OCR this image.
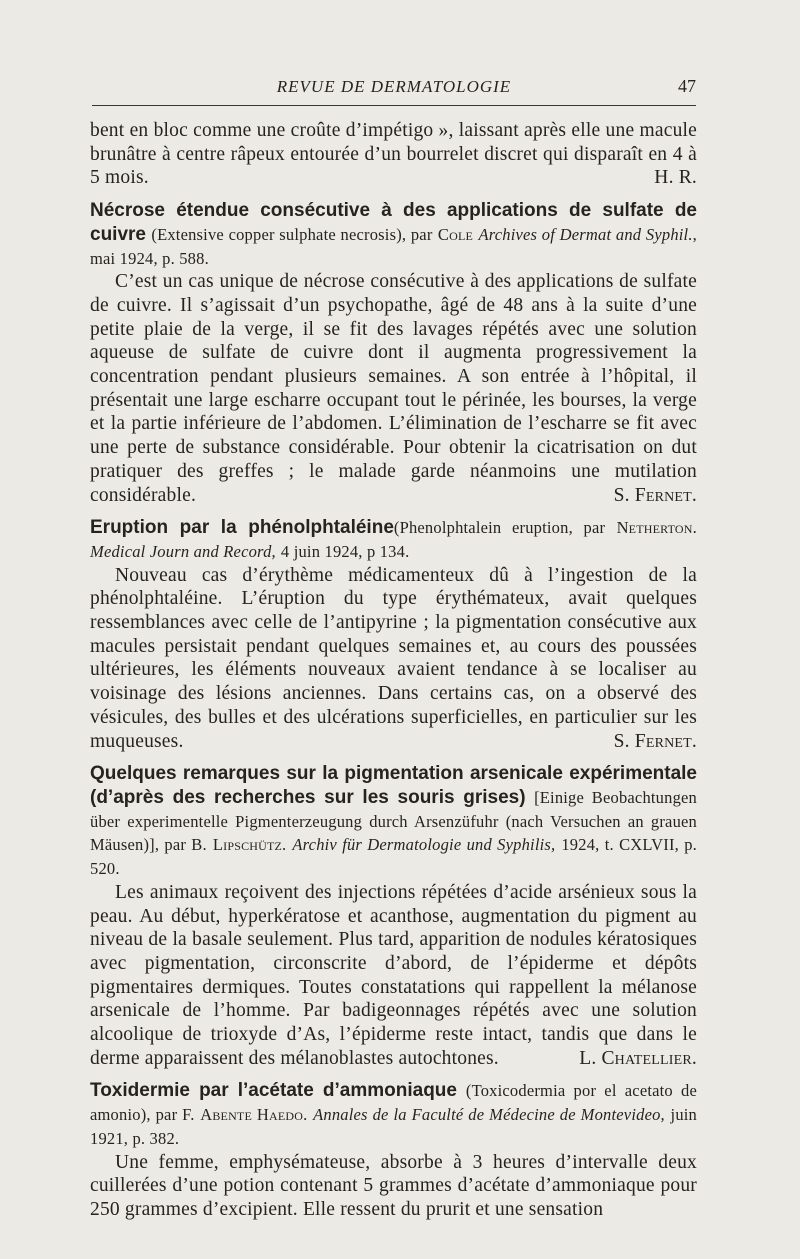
REVUE DE DERMATOLOGIE	47

bent en bloc comme une croûte d’impétigo », laissant après elle une macule brunâtre à centre râpeux entourée d’un bourrelet discret qui disparaît en 4 à 5 mois.	H. R.

Nécrose étendue consécutive à des applications de sulfate de cuivre (Extensive copper sulphate necrosis), par Cole Archives of Dermat and Syphil., mai 1924, p. 588.

C’est un cas unique de nécrose consécutive à des applications de sulfate de cuivre. Il s’agissait d’un psychopathe, âgé de 48 ans à la suite d’une petite plaie de la verge, il se fit des lavages répétés avec une solution aqueuse de sulfate de cuivre dont il augmenta progressivement la concentration pendant plusieurs semaines. A son entrée à l’hôpital, il présentait une large escharre occupant tout le périnée, les bourses, la verge et la partie inférieure de l’abdomen. L’élimination de l’escharre se fit avec une perte de substance considérable. Pour obtenir la cicatrisation on dut pratiquer des greffes ; le malade garde néanmoins une mutilation considérable.	S. Fernet.

Eruption par la phénolphtaléine(Phenolphtalein eruption, par Netherton. Medical Journ and Record, 4 juin 1924, p 134.

Nouveau cas d’érythème médicamenteux dû à l’ingestion de la phénolphtaléine. L’éruption du type érythémateux, avait quelques ressemblances avec celle de l’antipyrine ; la pigmentation consécutive aux macules persistait pendant quelques semaines et, au cours des poussées ultérieures, les éléments nouveaux avaient tendance à se localiser au voisinage des lésions anciennes. Dans certains cas, on a observé des vésicules, des bulles et des ulcérations superficielles, en particulier sur les muqueuses.	S. Fernet.

Quelques remarques sur la pigmentation arsenicale expérimentale (d’après des recherches sur les souris grises) [Einige Beobachtungen über experimentelle Pigmenterzeugung durch Arsenzüfuhr (nach Versuchen an grauen Mäusen)], par B. Lipschütz. Archiv für Dermatologie und Syphilis, 1924, t. CXLVII, p. 520.

Les animaux reçoivent des injections répétées d’acide arsénieux sous la peau. Au début, hyperkératose et acanthose, augmentation du pigment au niveau de la basale seulement. Plus tard, apparition de nodules kératosiques avec pigmentation, circonscrite d’abord, de l’épiderme et dépôts pigmentaires dermiques. Toutes constatations qui rappellent la mélanose arsenicale de l’homme. Par badigeonnages répétés avec une solution alcoolique de trioxyde d’As, l’épiderme reste intact, tandis que dans le derme apparaissent des mélanoblastes autochtones.	L. Chatellier.

Toxidermie par l’acétate d’ammoniaque (Toxicodermia por el acetato de amonio), par F. Abente Haedo. Annales de la Faculté de Médecine de Montevideo, juin 1921, p. 382.

Une femme, emphysémateuse, absorbe à 3 heures d’intervalle deux cuillerées d’une potion contenant 5 grammes d’acétate d’ammoniaque pour 250 grammes d’excipient. Elle ressent du prurit et une sensation
